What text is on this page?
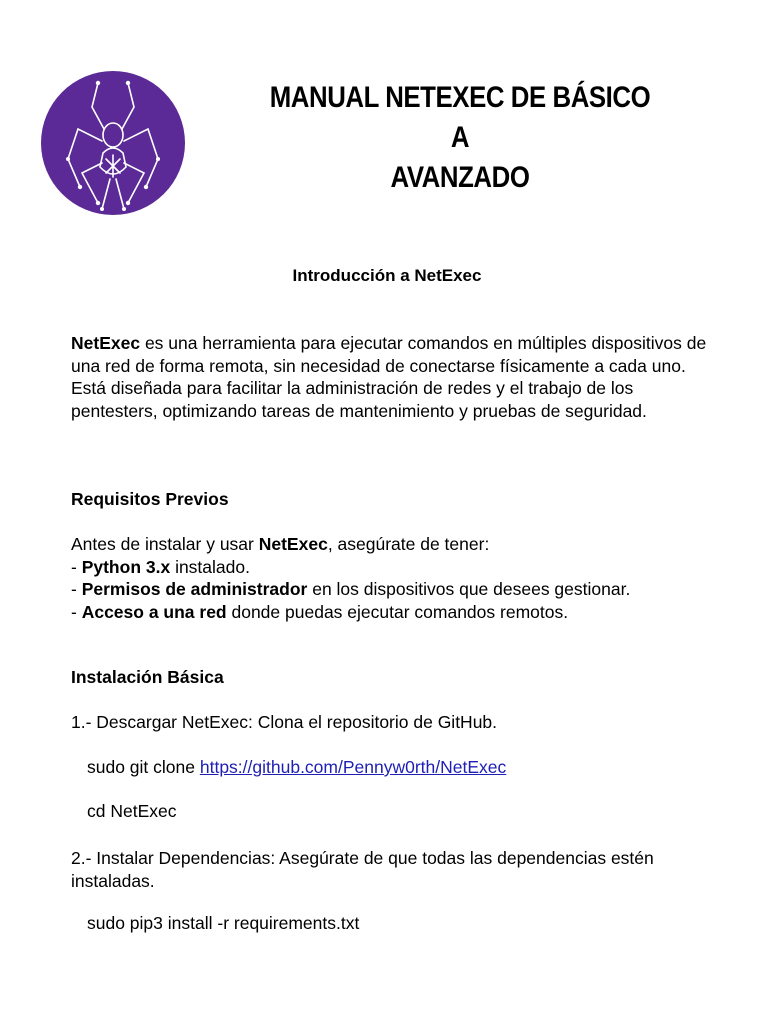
MANUAL NETEXEC DE BÁSICO A
AVANZADO
Introducción a NetExec
NetExec es una herramienta para ejecutar comandos en múltiples dispositivos de una red de forma remota, sin necesidad de conectarse físicamente a cada uno. Está diseñada para facilitar la administración de redes y el trabajo de los pentesters, optimizando tareas de mantenimiento y pruebas de seguridad.
Requisitos Previos
Antes de instalar y usar NetExec, asegúrate de tener:
- Python 3.x instalado.
- Permisos de administrador en los dispositivos que desees gestionar.
- Acceso a una red donde puedas ejecutar comandos remotos.
Instalación Básica
1.- Descargar NetExec: Clona el repositorio de GitHub.
sudo git clone https://github.com/Pennyw0rth/NetExec
cd NetExec
2.- Instalar Dependencias: Asegúrate de que todas las dependencias estén instaladas.
sudo pip3 install -r requirements.txt
